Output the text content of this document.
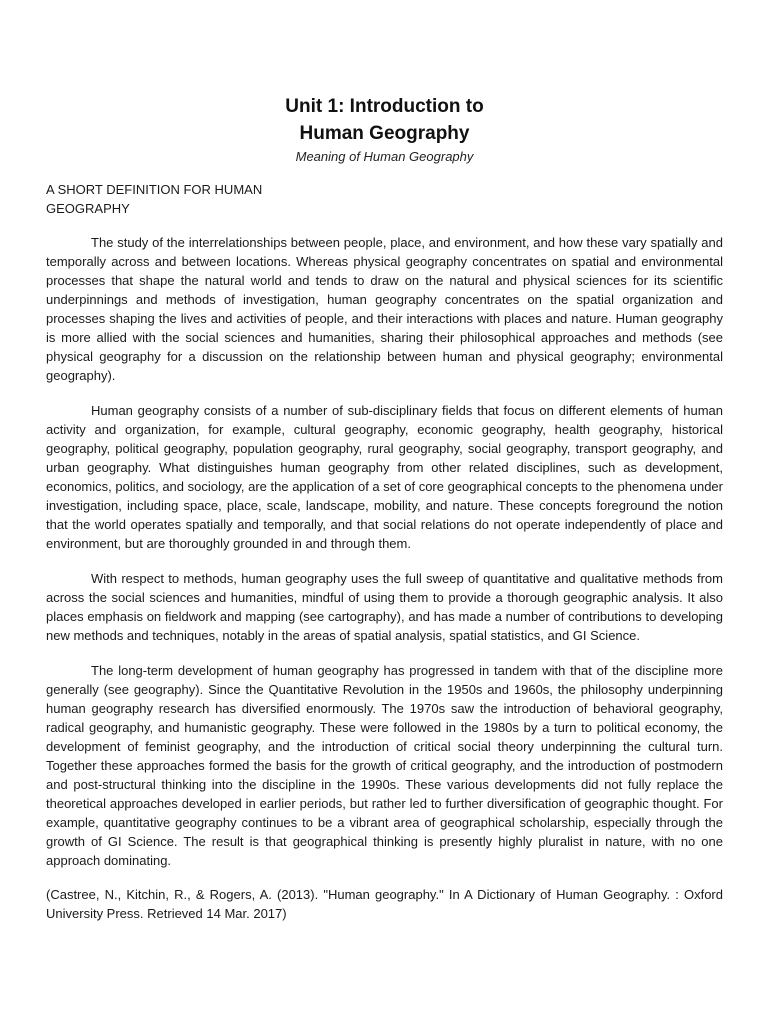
Unit 1: Introduction to
Human Geography
Meaning of Human Geography
A SHORT DEFINITION FOR HUMAN GEOGRAPHY

The study of the interrelationships between people, place, and environment, and how these vary spatially and temporally across and between locations. Whereas physical geography concentrates on spatial and environmental processes that shape the natural world and tends to draw on the natural and physical sciences for its scientific underpinnings and methods of investigation, human geography concentrates on the spatial organization and processes shaping the lives and activities of people, and their interactions with places and nature. Human geography is more allied with the social sciences and humanities, sharing their philosophical approaches and methods (see physical geography for a discussion on the relationship between human and physical geography; environmental geography).

Human geography consists of a number of sub-disciplinary fields that focus on different elements of human activity and organization, for example, cultural geography, economic geography, health geography, historical geography, political geography, population geography, rural geography, social geography, transport geography, and urban geography. What distinguishes human geography from other related disciplines, such as development, economics, politics, and sociology, are the application of a set of core geographical concepts to the phenomena under investigation, including space, place, scale, landscape, mobility, and nature. These concepts foreground the notion that the world operates spatially and temporally, and that social relations do not operate independently of place and environment, but are thoroughly grounded in and through them.

With respect to methods, human geography uses the full sweep of quantitative and qualitative methods from across the social sciences and humanities, mindful of using them to provide a thorough geographic analysis. It also places emphasis on fieldwork and mapping (see cartography), and has made a number of contributions to developing new methods and techniques, notably in the areas of spatial analysis, spatial statistics, and GI Science.

The long-term development of human geography has progressed in tandem with that of the discipline more generally (see geography). Since the Quantitative Revolution in the 1950s and 1960s, the philosophy underpinning human geography research has diversified enormously. The 1970s saw the introduction of behavioral geography, radical geography, and humanistic geography. These were followed in the 1980s by a turn to political economy, the development of feminist geography, and the introduction of critical social theory underpinning the cultural turn. Together these approaches formed the basis for the growth of critical geography, and the introduction of postmodern and post-structural thinking into the discipline in the 1990s. These various developments did not fully replace the theoretical approaches developed in earlier periods, but rather led to further diversification of geographic thought. For example, quantitative geography continues to be a vibrant area of geographical scholarship, especially through the growth of GI Science. The result is that geographical thinking is presently highly pluralist in nature, with no one approach dominating.

(Castree, N., Kitchin, R., & Rogers, A. (2013). "Human geography." In A Dictionary of Human Geography. : Oxford University Press. Retrieved 14 Mar. 2017)
